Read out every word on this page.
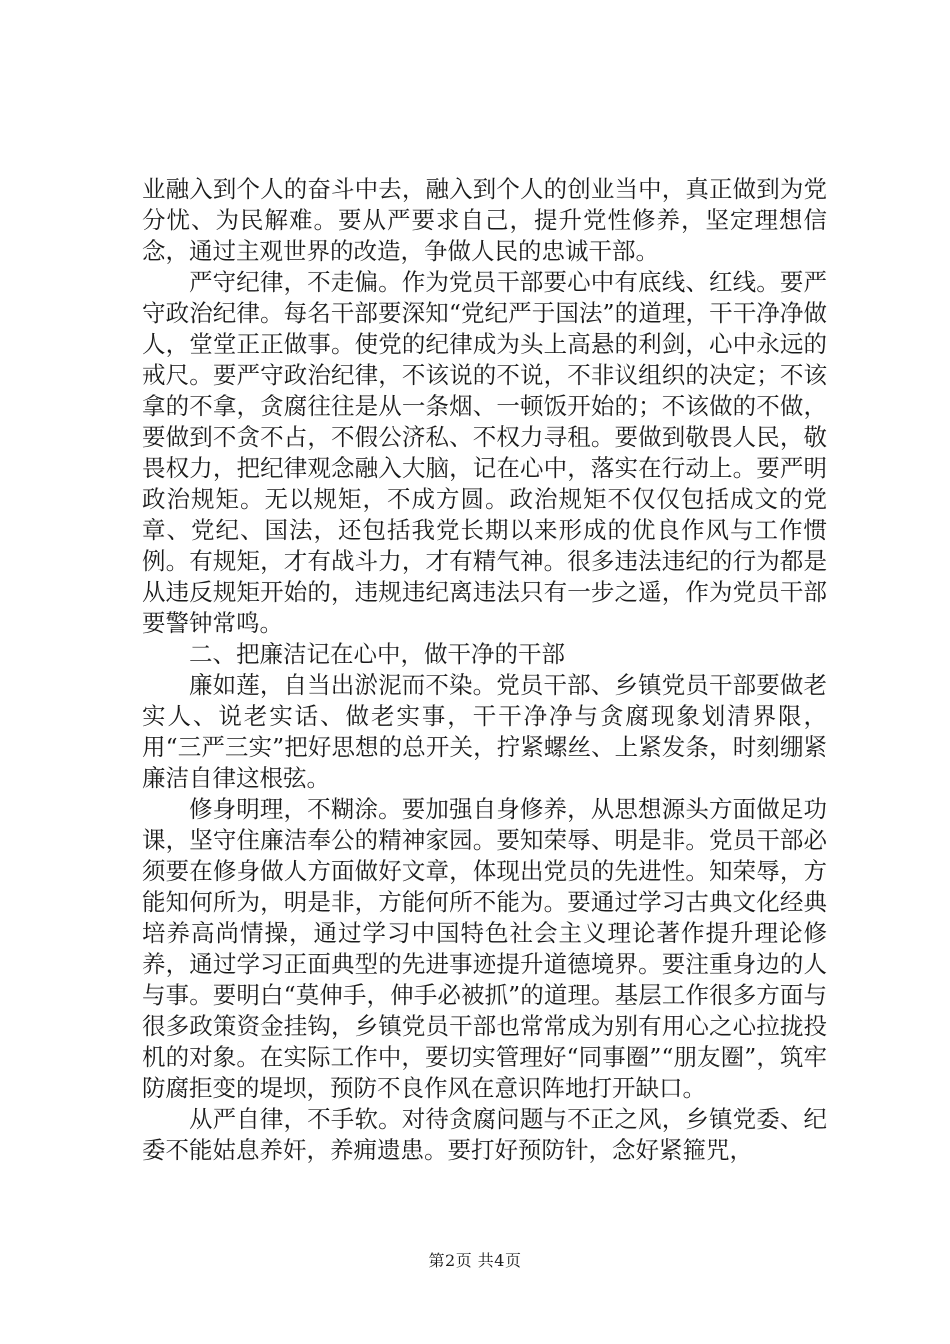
业融入到个人的奋斗中去，融入到个人的创业当中，真正做到为党分忧、为民解难。要从严要求自己，提升党性修养，坚定理想信念，通过主观世界的改造，争做人民的忠诚干部。

严守纪律，不走偏。作为党员干部要心中有底线、红线。要严守政治纪律。每名干部要深知“党纪严于国法”的道理，干干净净做人，堂堂正正做事。使党的纪律成为头上高悬的利剑，心中永远的戒尺。要严守政治纪律，不该说的不说，不非议组织的决定；不该拿的不拿，贪腐往往是从一条烟、一顿饭开始的；不该做的不做，要做到不贪不占，不假公济私、不权力寻租。要做到敬畏人民，敬畏权力，把纪律观念融入大脑，记在心中，落实在行动上。要严明政治规矩。无以规矩，不成方圆。政治规矩不仅仅包括成文的党章、党纪、国法，还包括我党长期以来形成的优良作风与工作惯例。有规矩，才有战斗力，才有精气神。很多违法违纪的行为都是从违反规矩开始的，违规违纪离违法只有一步之遥，作为党员干部要警钟常鸣。

二、把廉洁记在心中，做干净的干部

廉如莲，自当出淤泥而不染。党员干部、乡镇党员干部要做老实人、说老实话、做老实事，干干净净与贪腐现象划清界限，用“三严三实”把好思想的总开关，拧紧螺丝、上紧发条，时刻绷紧廉洁自律这根弦。

修身明理，不糊涂。要加强自身修养，从思想源头方面做足功课，坚守住廉洁奉公的精神家园。要知荣辱、明是非。党员干部必须要在修身做人方面做好文章，体现出党员的先进性。知荣辱，方能知何所为，明是非，方能何所不能为。要通过学习古典文化经典培养高尚情操，通过学习中国特色社会主义理论著作提升理论修养，通过学习正面典型的先进事迹提升道德境界。要注重身边的人与事。要明白“莫伸手，伸手必被抓”的道理。基层工作很多方面与很多政策资金挂钩，乡镇党员干部也常常成为别有用心之心拉拢投机的对象。在实际工作中，要切实管理好“同事圈”“朋友圈”，筑牢防腐拒变的堤坝，预防不良作风在意识阵地打开缺口。

从严自律，不手软。对待贪腐问题与不正之风，乡镇党委、纪委不能姑息养奸，养痈遗患。要打好预防针，念好紧箍咒，

第2页 共4页
